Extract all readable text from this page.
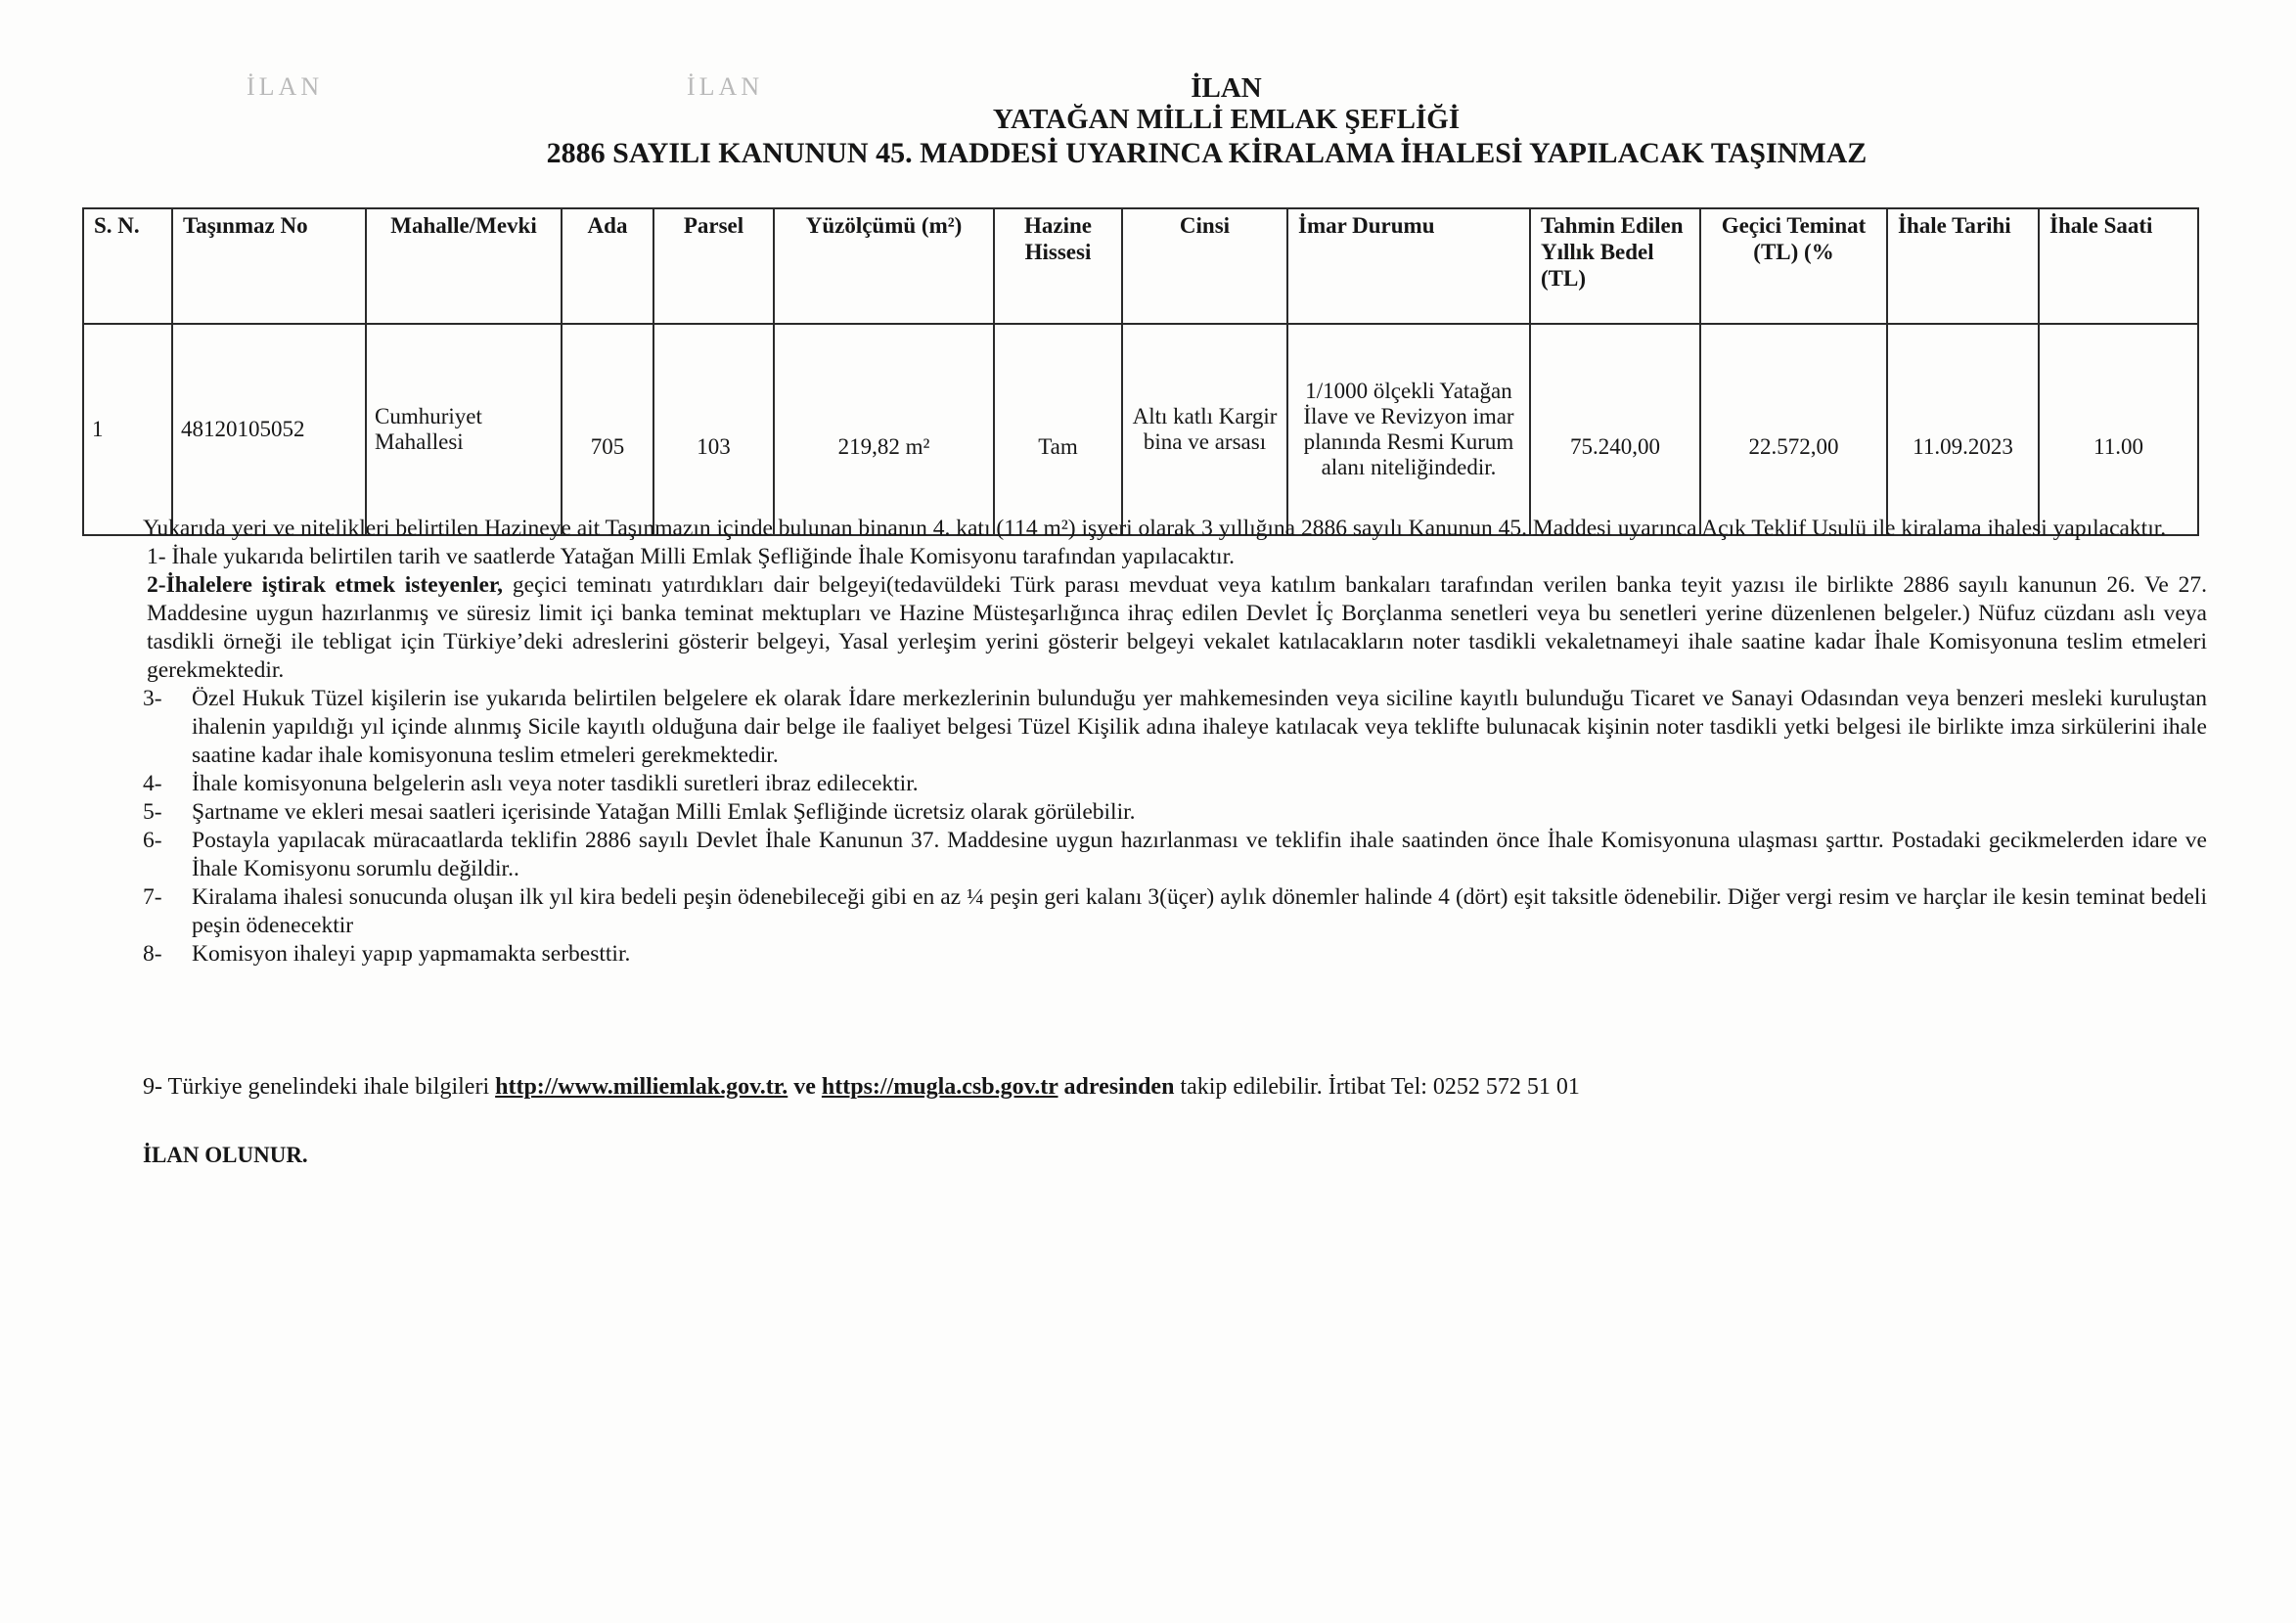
İLAN	İLAN	İLAN
YATAĞAN MİLLİ EMLAK ŞEFLİĞİ
2886 SAYILI KANUNUN 45. MADDESİ UYARINCA KİRALAMA İHALESİ YAPILACAK TAŞINMAZ
S. N.	Taşınmaz No	Mahalle/Mevki	Ada	Parsel	Yüzölçümü (m²)	Hazine Hissesi	Cinsi	İmar Durumu	Tahmin Edilen Yıllık Bedel (TL)	Geçici Teminat (TL) (%	İhale Tarihi	İhale Saati
1	48120105052	Cumhuriyet Mahallesi	705	103	219,82 m²	Tam	Altı katlı Kargir bina ve arsası	1/1000 ölçekli Yatağan İlave ve Revizyon imar planında Resmi Kurum alanı niteliğindedir.	75.240,00	22.572,00	11.09.2023	11.00

Yukarıda yeri ve nitelikleri belirtilen Hazineye ait Taşınmazın içinde bulunan binanın 4. katı (114 m²) işyeri olarak 3 yıllığına 2886 sayılı Kanunun 45. Maddesi uyarınca Açık Teklif Usulü ile kiralama ihalesi yapılacaktır.

1- İhale yukarıda belirtilen tarih ve saatlerde Yatağan Milli Emlak Şefliğinde İhale Komisyonu tarafından yapılacaktır.

2-İhalelere iştirak etmek isteyenler, geçici teminatı yatırdıkları dair belgeyi(tedavüldeki Türk parası mevduat veya katılım bankaları tarafından verilen banka teyit yazısı ile birlikte 2886 sayılı kanunun 26. Ve 27. Maddesine uygun hazırlanmış ve süresiz limit içi banka teminat mektupları ve Hazine Müsteşarlığınca ihraç edilen Devlet İç Borçlanma senetleri veya bu senetleri yerine düzenlenen belgeler.) Nüfuz cüzdanı aslı veya tasdikli örneği ile tebligat için Türkiye’deki adreslerini gösterir belgeyi, Yasal yerleşim yerini gösterir belgeyi vekalet katılacakların noter tasdikli vekaletnameyi ihale saatine kadar İhale Komisyonuna teslim etmeleri gerekmektedir.

3- Özel Hukuk Tüzel kişilerin ise yukarıda belirtilen belgelere ek olarak İdare merkezlerinin bulunduğu yer mahkemesinden veya siciline kayıtlı bulunduğu Ticaret ve Sanayi Odasından veya benzeri mesleki kuruluştan ihalenin yapıldığı yıl içinde alınmış Sicile kayıtlı olduğuna dair belge ile faaliyet belgesi Tüzel Kişilik adına ihaleye katılacak veya teklifte bulunacak kişinin noter tasdikli yetki belgesi ile birlikte imza sirkülerini ihale saatine kadar ihale komisyonuna teslim etmeleri gerekmektedir.
4- İhale komisyonuna belgelerin aslı veya noter tasdikli suretleri ibraz edilecektir.
5- Şartname ve ekleri mesai saatleri içerisinde Yatağan Milli Emlak Şefliğinde ücretsiz olarak görülebilir.
6- Postayla yapılacak müracaatlarda teklifin 2886 sayılı Devlet İhale Kanunun 37. Maddesine uygun hazırlanması ve teklifin ihale saatinden önce İhale Komisyonuna ulaşması şarttır. Postadaki gecikmelerden idare ve İhale Komisyonu sorumlu değildir..
7- Kiralama ihalesi sonucunda oluşan ilk yıl kira bedeli peşin ödenebileceği gibi en az ¼ peşin geri kalanı 3(üçer) aylık dönemler halinde 4 (dört) eşit taksitle ödenebilir. Diğer vergi resim ve harçlar ile kesin teminat bedeli peşin ödenecektir
8- Komisyon ihaleyi yapıp yapmamakta serbesttir.
9- Türkiye genelindeki ihale bilgileri http://www.milliemlak.gov.tr. ve https://mugla.csb.gov.tr adresinden takip edilebilir. İrtibat Tel: 0252 572 51 01
İLAN OLUNUR.
